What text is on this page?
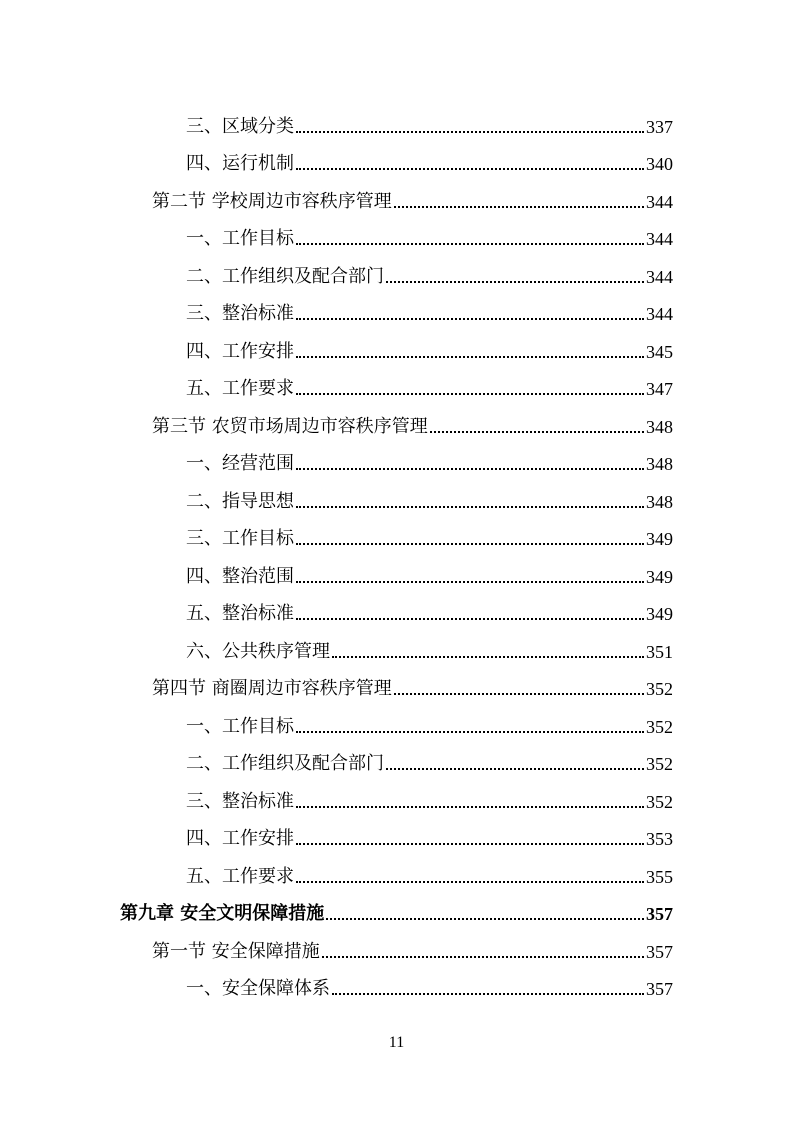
三、区域分类	337
四、运行机制	340
第二节 学校周边市容秩序管理	344
一、工作目标	344
二、工作组织及配合部门	344
三、整治标准	344
四、工作安排	345
五、工作要求	347
第三节 农贸市场周边市容秩序管理	348
一、经营范围	348
二、指导思想	348
三、工作目标	349
四、整治范围	349
五、整治标准	349
六、公共秩序管理	351
第四节 商圈周边市容秩序管理	352
一、工作目标	352
二、工作组织及配合部门	352
三、整治标准	352
四、工作安排	353
五、工作要求	355
第九章 安全文明保障措施	357
第一节 安全保障措施	357
一、安全保障体系	357
11
